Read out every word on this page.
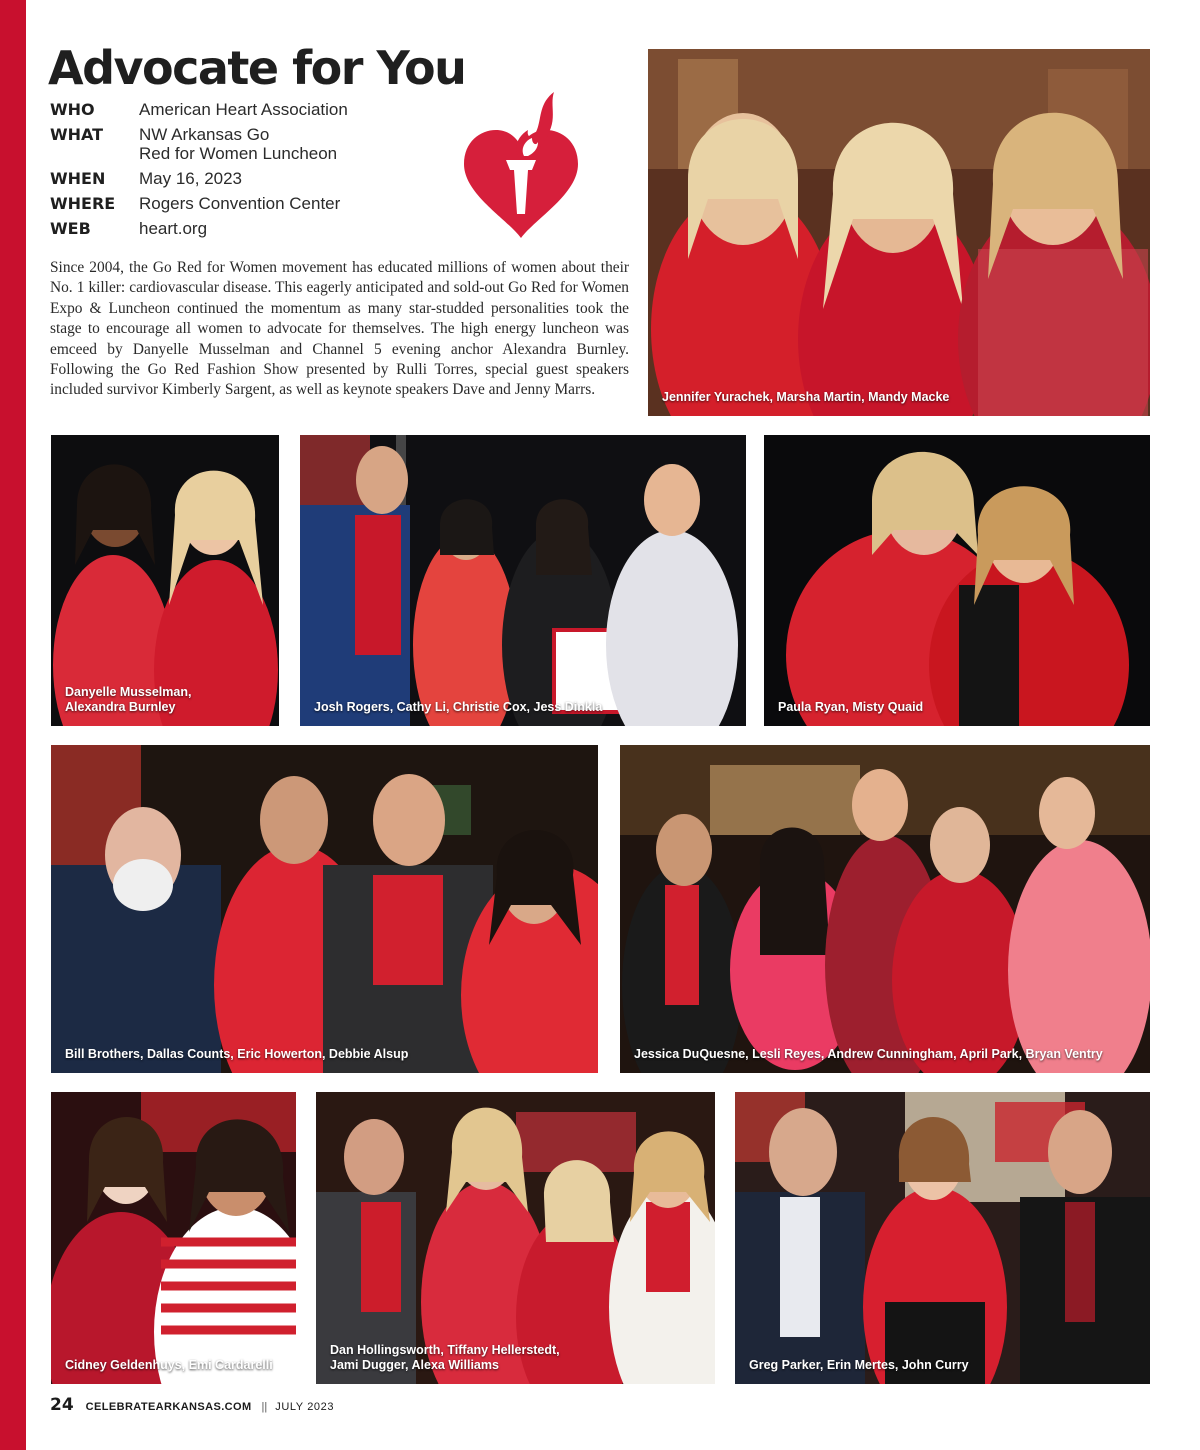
Advocate for You
WHO	American Heart Association
WHAT	NW Arkansas Go
Red for Women Luncheon
WHEN	May 16, 2023
WHERE	Rogers Convention Center
WEB	heart.org

Since 2004, the Go Red for Women movement has educated millions of women about their No. 1 killer: cardiovascular disease. This eagerly anticipated and sold-out Go Red for Women Expo & Luncheon continued the momentum as many star-studded personalities took the stage to encourage all women to advocate for themselves. The high energy luncheon was emceed by Danyelle Musselman and Channel 5 evening anchor Alexandra Burnley. Following the Go Red Fashion Show presented by Rulli Torres, special guest speakers included survivor Kimberly Sargent, as well as keynote speakers Dave and Jenny Marrs.	Jennifer Yurachek, Marsha Martin, Mandy Macke
Danyelle Musselman,
Alexandra Burnley	Josh Rogers, Cathy Li, Christie Cox, Jess Dinkla	Paula Ryan, Misty Quaid
Bill Brothers, Dallas Counts, Eric Howerton, Debbie Alsup	Jessica DuQuesne, Lesli Reyes, Andrew Cunningham, April Park, Bryan Ventry
Cidney Geldenhuys, Emi Cardarelli
Dan Hollingsworth, Tiffany Hellerstedt,
Jami Dugger, Alexa Williams	Greg Parker, Erin Mertes, John Curry
24 CELEBRATEARKANSAS.COM || JULY 2023
